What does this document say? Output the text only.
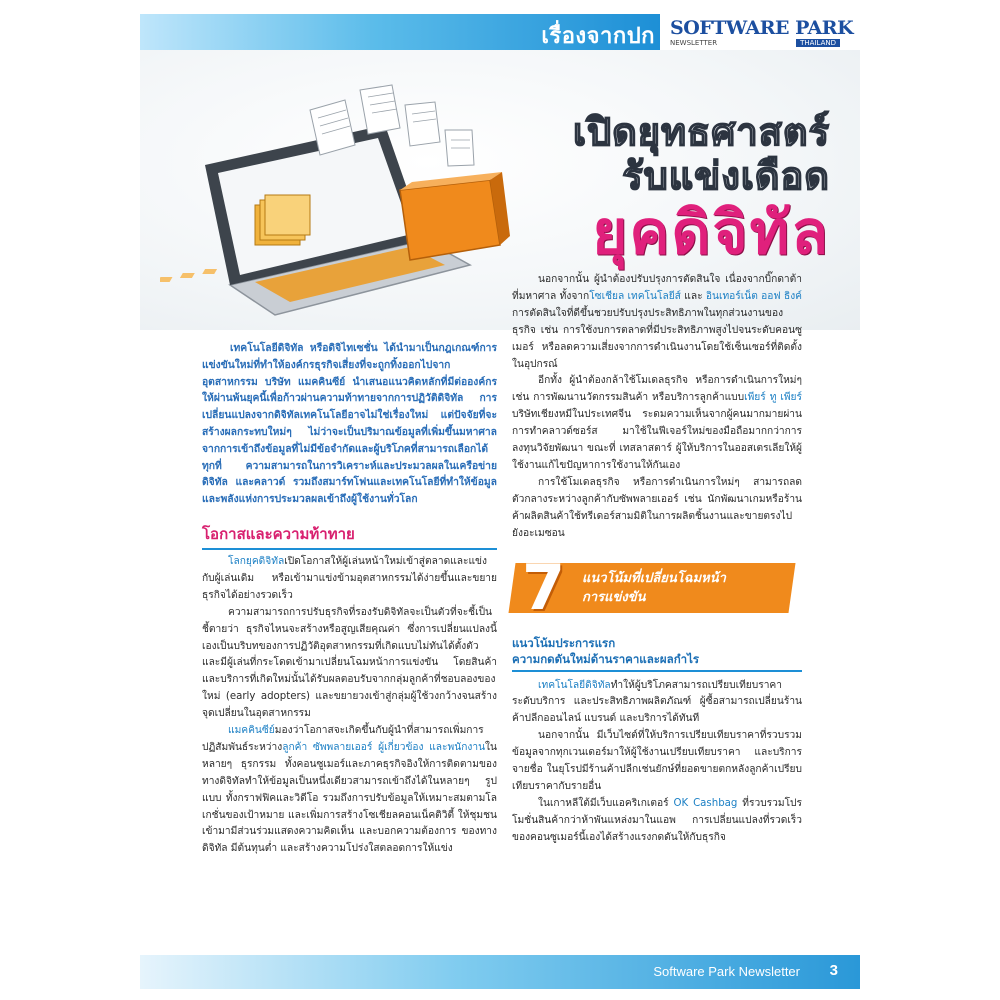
เรื่องจากปก SOFTWARE PARK
NEWSLETTER	THAILAND
เปิดยุทธศาสตร์
รับแข่งเดือด
ยุคดิจิทัล

เทคโนโลยีดิจิทัล หรือดิจิไทเซชั่น ได้นำมาเป็นกฎเกณฑ์การแข่งขันใหม่ที่ทำให้องค์กรธุรกิจเสี่ยงที่จะถูกทิ้งออกไปจากอุตสาหกรรม บริษัท แมคคินซีย์ นำเสนอแนวคิดหลักที่มีต่อองค์กรให้ผ่านพ้นยุคนี้เพื่อก้าวผ่านความท้าทายจากการปฏิวัติดิจิทัล การเปลี่ยนแปลงจากดิจิทัลเทคโนโลยีอาจไม่ใช่เรื่องใหม่ แต่ปัจจัยที่จะสร้างผลกระทบใหม่ๆ ไม่ว่าจะเป็นปริมาณข้อมูลที่เพิ่มขึ้นมหาศาล จากการเข้าถึงข้อมูลที่ไม่มีข้อจำกัดและผู้บริโภคที่สามารถเลือกได้ทุกที่ ความสามารถในการวิเคราะห์และประมวลผลในเครือข่ายดิจิทัล และคลาวด์ รวมถึงสมาร์ทโฟนและเทคโนโลยีที่ทำให้ข้อมูลและพลังแห่งการประมวลผลเข้าถึงผู้ใช้งานทั่วโลก

โอกาสและความท้าทาย

โลกยุคดิจิทัลเปิดโอกาสให้ผู้เล่นหน้าใหม่เข้าสู่ตลาดและแข่งกับผู้เล่นเดิม หรือเข้ามาแข่งข้ามอุตสาหกรรมได้ง่ายขึ้นและขยายธุรกิจได้อย่างรวดเร็ว

ความสามารถการปรับธุรกิจที่รองรับดิจิทัลจะเป็นตัวที่จะชี้เป็นชี้ตายว่า ธุรกิจไหนจะสร้างหรือสูญเสียคุณค่า ซึ่งการเปลี่ยนแปลงนี้เองเป็นบริบทของการปฏิวัติอุตสาหกรรมที่เกิดแบบไม่ทันได้ตั้งตัว และมีผู้เล่นที่กระโดดเข้ามาเปลี่ยนโฉมหน้าการแข่งขัน โดยสินค้าและบริการที่เกิดใหม่นั้นได้รับผลตอบรับจากกลุ่มลูกค้าที่ชอบลองของใหม่ (early adopters) และขยายวงเข้าสู่กลุ่มผู้ใช้วงกว้างจนสร้างจุดเปลี่ยนในอุตสาหกรรม

แมคคินซีย์มองว่าโอกาสจะเกิดขึ้นกับผู้นำที่สามารถเพิ่มการปฏิสัมพันธ์ระหว่างลูกค้า ซัพพลายเออร์ ผู้เกี่ยวข้อง และพนักงานในหลายๆ ธุรกรรม ทั้งคอนซูเมอร์และภาคธุรกิจอิงให้การติดตามของทางดิจิทัลทำให้ข้อมูลเป็นหนึ่งเดียวสามารถเข้าถึงได้ในหลายๆ รูปแบบ ทั้งกราฟฟิคและวิดีโอ รวมถึงการปรับข้อมูลให้เหมาะสมตามโลเกชั่นของเป้าหมาย และเพิ่มการสร้างโซเชียลคอนเน็คติวิตี้ ให้ชุมชนเข้ามามีส่วนร่วมแสดงความคิดเห็น และบอกความต้องการ ของทางดิจิทัล มีต้นทุนต่ำ และสร้างความโปร่งใสตลอดการให้แข่ง

นอกจากนั้น ผู้นำต้องปรับปรุงการตัดสินใจ เนื่องจากบิ๊กดาต้าที่มหาศาล ทั้งจากโซเชียล เทคโนโลยีส์ และ อินเทอร์เน็ต ออฟ ธิงค์ การตัดสินใจที่ดีขึ้นชวยปรับปรุงประสิทธิภาพในทุกส่วนงานของธุรกิจ เช่น การใช้งบการตลาดที่มีประสิทธิภาพสูงไปจนระดับคอนซูเมอร์ หรือลดความเสี่ยงจากการดำเนินงานโดยใช้เซ็นเซอร์ที่ติดตั้งในอุปกรณ์

อีกทั้ง ผู้นำต้องกล้าใช้โมเดลธุรกิจ หรือการดำเนินการใหม่ๆ เช่น การพัฒนานวัตกรรมสินค้า หรือบริการลูกค้าแบบเพียร์ ทู เพียร์ บริษัทเชียงหมีในประเทศจีน ระดมความเห็นจากผู้คนมากมายผ่านการทำคลาวด์ซอร์ส มาใช้ในฟีเจอร์ใหม่ของมือถือมากกว่าการลงทุนวิจัยพัฒนา ขณะที่ เทสลาสตาร์ ผู้ให้บริการในออสเตรเลียให้ผู้ใช้งานแก้ไขปัญหาการใช้งานให้กันเอง

การใช้โมเดลธุรกิจ หรือการดำเนินการใหม่ๆ สามารถลดตัวกลางระหว่างลูกค้ากับซัพพลายเออร์ เช่น นักพัฒนาเกมหรือร้านค้าผลิตสินค้าใช้ทรีเดอร์สามมิติในการผลิตชิ้นงานและขายตรงไปยังอะเมซอน

7 แนวโน้มที่เปลี่ยนโฉมหน้า
การแข่งขัน
แนวโน้มประการแรก
ความกดดันใหม่ด้านราคาและผลกำไร

เทคโนโลยีดิจิทัลทำให้ผู้บริโภคสามารถเปรียบเทียบราคา ระดับบริการ และประสิทธิภาพผลิตภัณฑ์ ผู้ซื้อสามารถเปลี่ยนร้านค้าปลีกออนไลน์ แบรนด์ และบริการได้ทันที

นอกจากนั้น มีเว็บไซต์ที่ให้บริการเปรียบเทียบราคาที่รวบรวมข้อมูลจากทุกเวนเดอร์มาให้ผู้ใช้งานเปรียบเทียบราคา และบริการจายชื่อ ในยุโรปมีร้านค้าปลีกเช่นยักษ์ที่ยอดขายตกหลังลูกค้าเปรียบเทียบราคากับรายอื่น

ในเกาหลีใต้มีเว็บแอคริเกเตอร์ OK Cashbag ที่รวบรวมโปรโมชั่นสินค้ากว่าห้าพันแหล่งมาในแอพ การเปลี่ยนแปลงที่รวดเร็วของคอนซูเมอร์นี้เองได้สร้างแรงกดดันให้กับธุรกิจ

Software Park Newsletter 3
